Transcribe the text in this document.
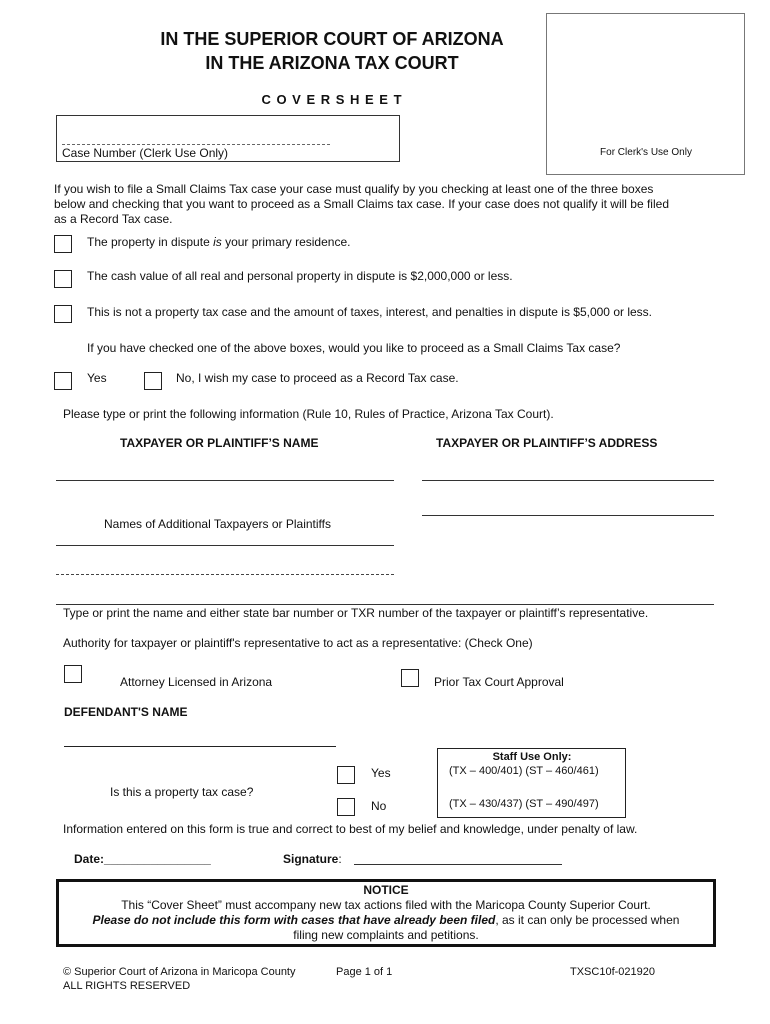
IN THE SUPERIOR COURT OF ARIZONA
IN THE ARIZONA TAX COURT
C O V E R S H E E T
For Clerk's Use Only
Case Number (Clerk Use Only)
If you wish to file a Small Claims Tax case your case must qualify by you checking at least one of the three boxes
below and checking that you want to proceed as a Small Claims tax case. If your case does not qualify it will be filed
as a Record Tax case.
The property in dispute is your primary residence.
The cash value of all real and personal property in dispute is $2,000,000 or less.
This is not a property tax case and the amount of taxes, interest, and penalties in dispute is $5,000 or less.
If you have checked one of the above boxes, would you like to proceed as a Small Claims Tax case?
Yes	No, I wish my case to proceed as a Record Tax case.
Please type or print the following information (Rule 10, Rules of Practice, Arizona Tax Court).
TAXPAYER OR PLAINTIFF’S NAME	TAXPAYER OR PLAINTIFF’S ADDRESS
Names of Additional Taxpayers or Plaintiffs
Type or print the name and either state bar number or TXR number of the taxpayer or plaintiff’s representative.
Authority for taxpayer or plaintiff's representative to act as a representative: (Check One)
Attorney Licensed in Arizona	Prior Tax Court Approval
DEFENDANT'S NAME
Is this a property tax case?
Yes
No
Staff Use Only:
(TX – 400/401) (ST – 460/461)
(TX – 430/437) (ST – 490/497)
Information entered on this form is true and correct to best of my belief and knowledge, under penalty of law.
Date:________________	Signature:
NOTICE
This “Cover Sheet” must accompany new tax actions filed with the Maricopa County Superior Court.
Please do not include this form with cases that have already been filed, as it can only be processed when
filing new complaints and petitions.
© Superior Court of Arizona in Maricopa County
ALL RIGHTS RESERVED
Page 1 of 1	TXSC10f-021920
